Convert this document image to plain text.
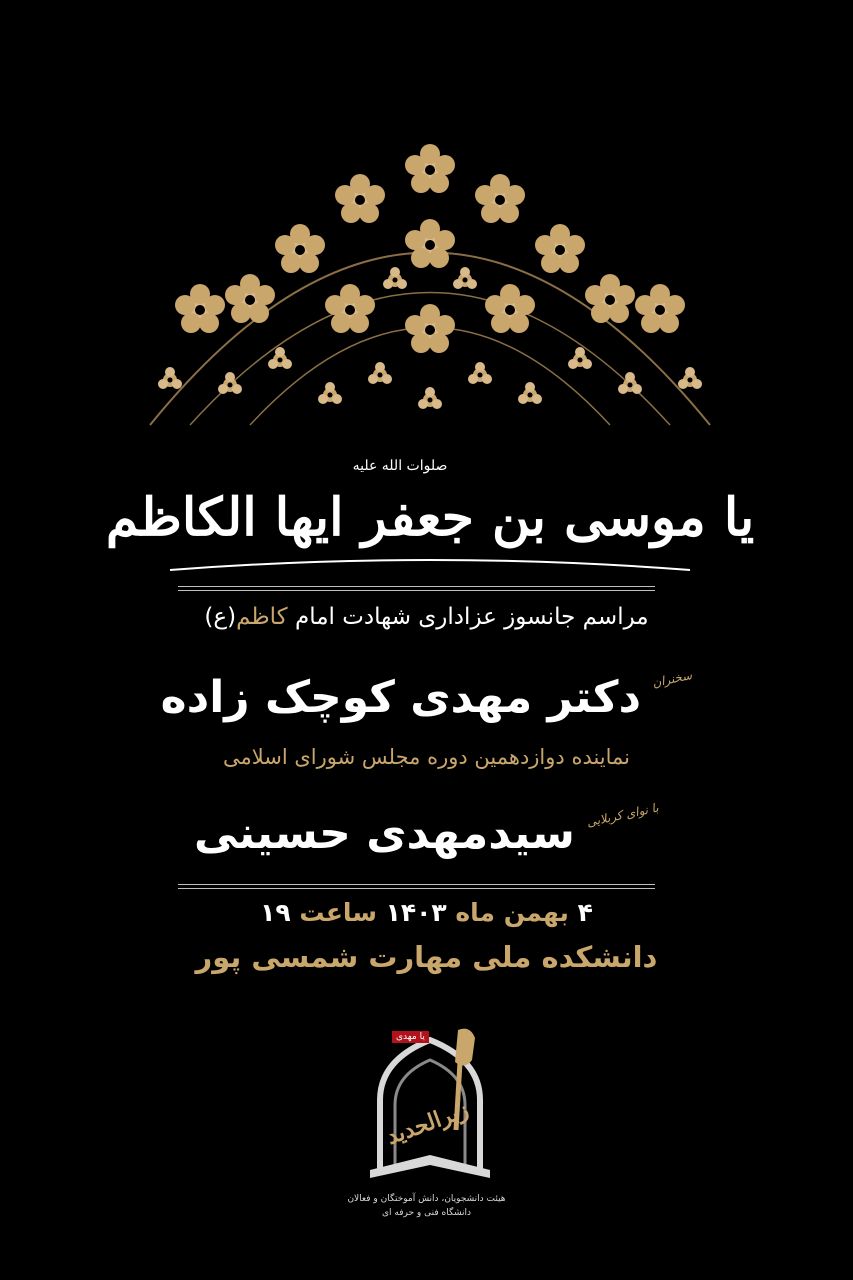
یا موسی بن جعفر ایها الکاظم
صلوات الله علیه
مراسم جانسوز عزاداری شهادت امام کاظم(ع)
سخنران دکتر مهدی کوچک زاده
نماینده دوازدهمین دوره مجلس شورای اسلامی
با نوای کربلایی سیدمهدی حسینی
۴ بهمن ماه ۱۴۰۳ ساعت ۱۹
دانشکده ملی مهارت شمسی پور
زبرالحدید
یا مهدی
هیئت دانشجویان، دانش آموختگان و فعالان
دانشگاه فنی و حرفه ای
